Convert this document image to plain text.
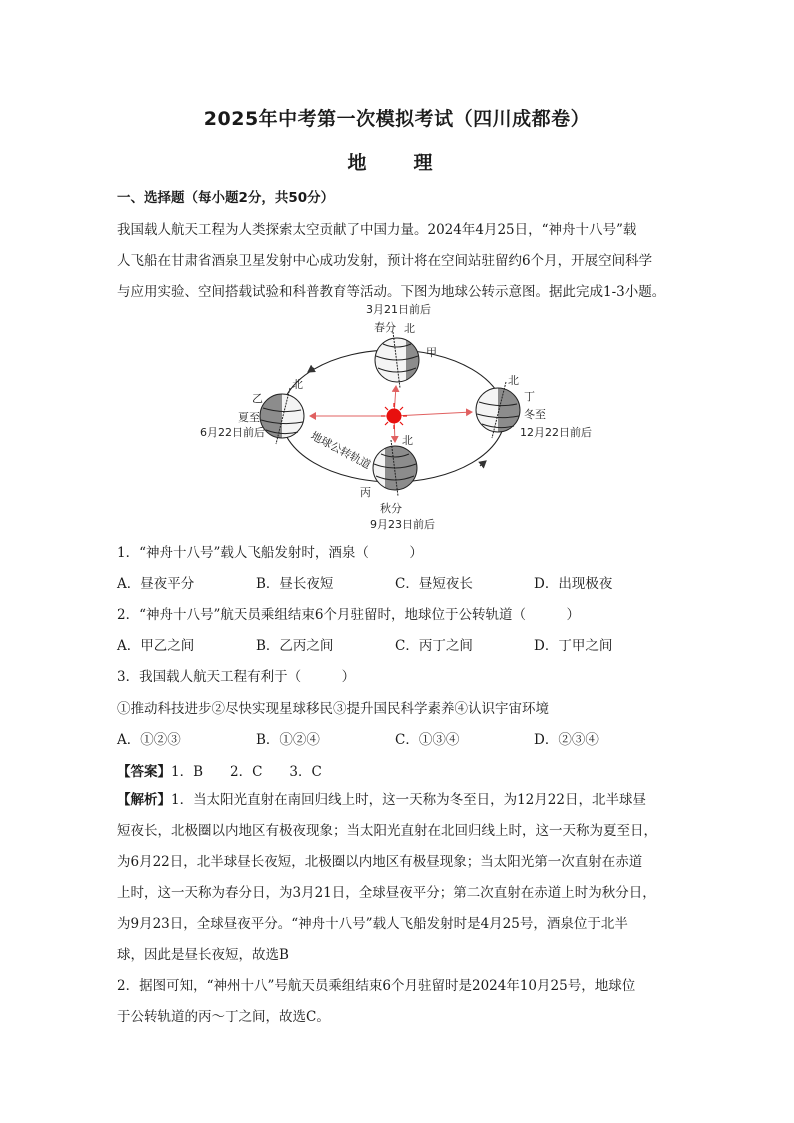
2025年中考第一次模拟考试（四川成都卷）
地　理
一、选择题（每小题2分，共50分）
我国载人航天工程为人类探索太空贡献了中国力量。2024年4月25日，“神舟十八号”载
人飞船在甘肃省酒泉卫星发射中心成功发射，预计将在空间站驻留约6个月，开展空间科学
与应用实验、空间搭载试验和科普教育等活动。下图为地球公转示意图。据此完成1-3小题。
北
北	北
北
3月21日前后
春分
甲
乙
夏至
6月22日前后
丁
冬至
12月22日前后
丙
秋分
9月23日前后
地球公转轨道
1．“神舟十八号”载人飞船发射时，酒泉（　　　）
A．昼夜平分	B．昼长夜短	C．昼短夜长	D．出现极夜
2．“神舟十八号”航天员乘组结束6个月驻留时，地球位于公转轨道（　　　）
A．甲乙之间	B．乙丙之间	C．丙丁之间	D．丁甲之间
3．我国载人航天工程有利于（　　　）
①推动科技进步②尽快实现星球移民③提升国民科学素养④认识宇宙环境
A．①②③	B．①②④	C．①③④	D．②③④
【答案】1．B　　2．C　　3．C
【解析】1．当太阳光直射在南回归线上时，这一天称为冬至日，为12月22日，北半球昼
短夜长，北极圈以内地区有极夜现象；当太阳光直射在北回归线上时，这一天称为夏至日，
为6月22日，北半球昼长夜短，北极圈以内地区有极昼现象；当太阳光第一次直射在赤道
上时，这一天称为春分日，为3月21日，全球昼夜平分；第二次直射在赤道上时为秋分日，
为9月23日，全球昼夜平分。“神舟十八号”载人飞船发射时是4月25号，酒泉位于北半
球，因此是昼长夜短，故选B
2．据图可知，“神州十八”号航天员乘组结束6个月驻留时是2024年10月25号，地球位
于公转轨道的丙～丁之间，故选C。
